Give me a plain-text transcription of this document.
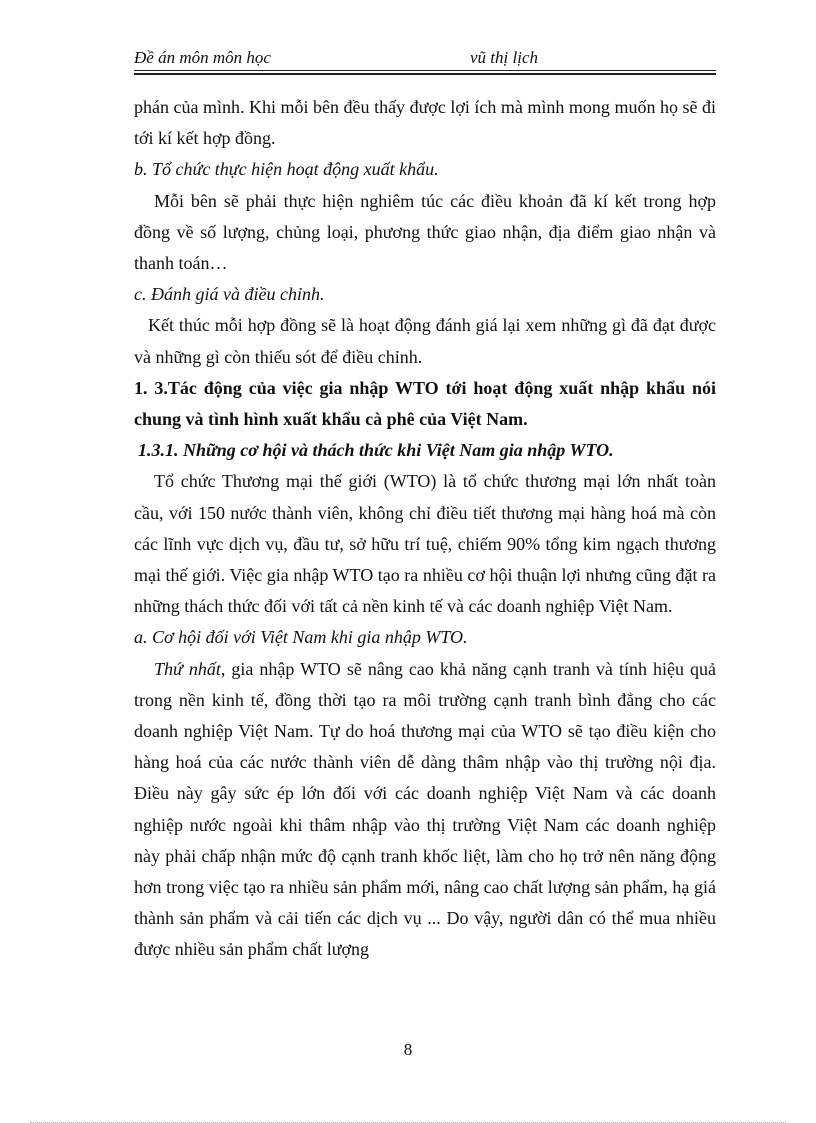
Đề án môn môn học	vũ thị lịch

phán của mình. Khi mỗi bên đều thấy được lợi ích mà mình mong muốn họ sẽ đi tới kí kết hợp đồng.

b. Tổ chức thực hiện hoạt động xuất khẩu.

Mỗi bên sẽ phải thực hiện nghiêm túc các điều khoản đã kí kết trong hợp đồng về số lượng, chủng loại, phương thức giao nhận, địa điểm giao nhận và thanh toán…

c. Đánh giá và điều chỉnh.

Kết thúc mỗi hợp đồng sẽ là hoạt động đánh giá lại xem những gì đã đạt được và những gì còn thiếu sót để điều chỉnh.

1. 3.Tác động của việc gia nhập WTO tới hoạt động xuất nhập khẩu nói chung và tình hình xuất khẩu cà phê của Việt Nam.

1.3.1. Những cơ hội và thách thức khi Việt Nam gia nhập WTO.

Tổ chức Thương mại thế giới (WTO) là tổ chức thương mại lớn nhất toàn cầu, với 150 nước thành viên, không chỉ điều tiết thương mại hàng hoá mà còn các lĩnh vực dịch vụ, đầu tư, sở hữu trí tuệ, chiếm 90% tổng kim ngạch thương mại thế giới. Việc gia nhập WTO tạo ra nhiều cơ hội thuận lợi nhưng cũng đặt ra những thách thức đối với tất cả nền kinh tế và các doanh nghiệp Việt Nam.

a. Cơ hội đối với Việt Nam khi gia nhập WTO.

Thứ nhất, gia nhập WTO sẽ nâng cao khả năng cạnh tranh và tính hiệu quả trong nền kinh tế, đồng thời tạo ra môi trường cạnh tranh bình đẳng cho các doanh nghiệp Việt Nam. Tự do hoá thương mại của WTO sẽ tạo điều kiện cho hàng hoá của các nước thành viên dễ dàng thâm nhập vào thị trường nội địa. Điều này gây sức ép lớn đối với các doanh nghiệp Việt Nam và các doanh nghiệp nước ngoài khi thâm nhập vào thị trường Việt Nam các doanh nghiệp này phải chấp nhận mức độ cạnh tranh khốc liệt, làm cho họ trở nên năng động hơn trong việc tạo ra nhiều sản phẩm mới, nâng cao chất lượng sản phẩm, hạ giá thành sản phẩm và cải tiến các dịch vụ ... Do vậy, người dân có thể mua nhiều được nhiều sản phẩm chất lượng

8
